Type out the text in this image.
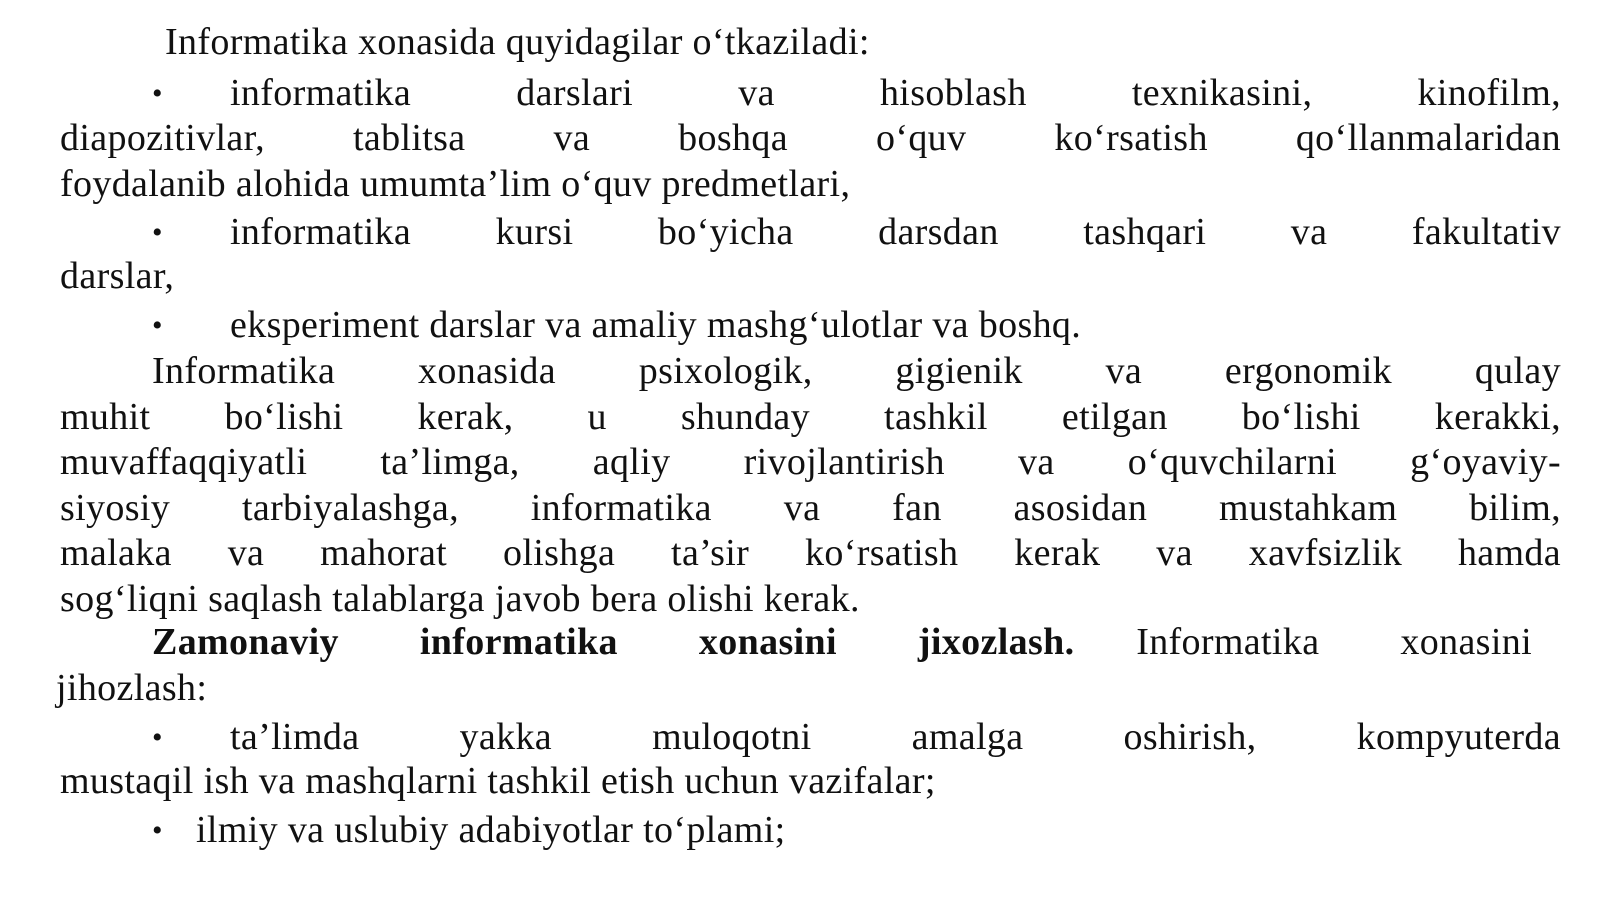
Informatika xonasida quyidagilar o‘tkaziladi:
• informatika darslari va hisoblash texnikasini, kinofilm,
diapozitivlar, tablitsa va boshqa o‘quv ko‘rsatish qo‘llanmalaridan
foydalanib alohida umumta’lim o‘quv predmetlari,
• informatika kursi bo‘yicha darsdan tashqari va fakultativ
darslar,
• eksperiment darslar va amaliy mashg‘ulotlar va boshq.
Informatika xonasida psixologik, gigienik va ergonomik qulay
muhit bo‘lishi kerak, u shunday tashkil etilgan bo‘lishi kerakki,
muvaffaqqiyatli ta’limga, aqliy rivojlantirish va o‘quvchilarni g‘oyaviy-
siyosiy tarbiyalashga, informatika va fan asosidan mustahkam bilim,
malaka va mahorat olishga ta’sir ko‘rsatish kerak va xavfsizlik hamda
sog‘liqni saqlash talablarga javob bera olishi kerak.
Zamonaviy informatika xonasini jixozlash. Informatika xonasini
jihozlash:
• ta’limda yakka muloqotni amalga oshirish, kompyuterda
mustaqil ish va mashqlarni tashkil etish uchun vazifalar;
• ilmiy va uslubiy adabiyotlar to‘plami;
